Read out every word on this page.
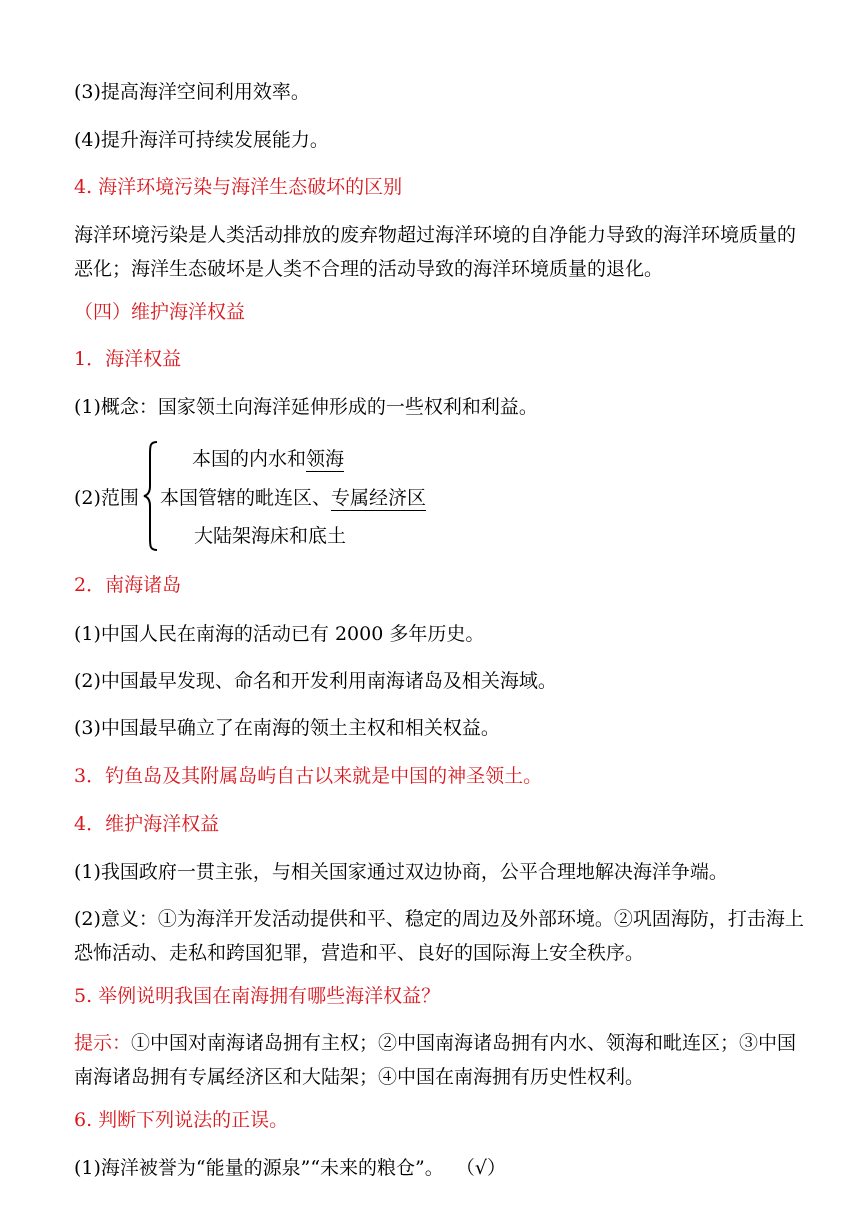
(3)提高海洋空间利用效率。
(4)提升海洋可持续发展能力。
4. 海洋环境污染与海洋生态破坏的区别
海洋环境污染是人类活动排放的废弃物超过海洋环境的自净能力导致的海洋环境质量的恶化；海洋生态破坏是人类不合理的活动导致的海洋环境质量的退化。
（四）维护海洋权益
1．海洋权益
(1)概念：国家领土向海洋延伸形成的一些权利和利益。
(2)范围
本国的内水和领海
本国管辖的毗连区、专属经济区
大陆架海床和底土
2．南海诸岛
(1)中国人民在南海的活动已有 2000 多年历史。
(2)中国最早发现、命名和开发利用南海诸岛及相关海域。
(3)中国最早确立了在南海的领土主权和相关权益。
3．钓鱼岛及其附属岛屿自古以来就是中国的神圣领土。
4．维护海洋权益
(1)我国政府一贯主张，与相关国家通过双边协商，公平合理地解决海洋争端。
(2)意义：①为海洋开发活动提供和平、稳定的周边及外部环境。②巩固海防，打击海上恐怖活动、走私和跨国犯罪，营造和平、良好的国际海上安全秩序。
5. 举例说明我国在南海拥有哪些海洋权益？
提示：①中国对南海诸岛拥有主权；②中国南海诸岛拥有内水、领海和毗连区；③中国南海诸岛拥有专属经济区和大陆架；④中国在南海拥有历史性权利。
6. 判断下列说法的正误。
(1)海洋被誉为“能量的源泉”“未来的粮仓”。  （√）
